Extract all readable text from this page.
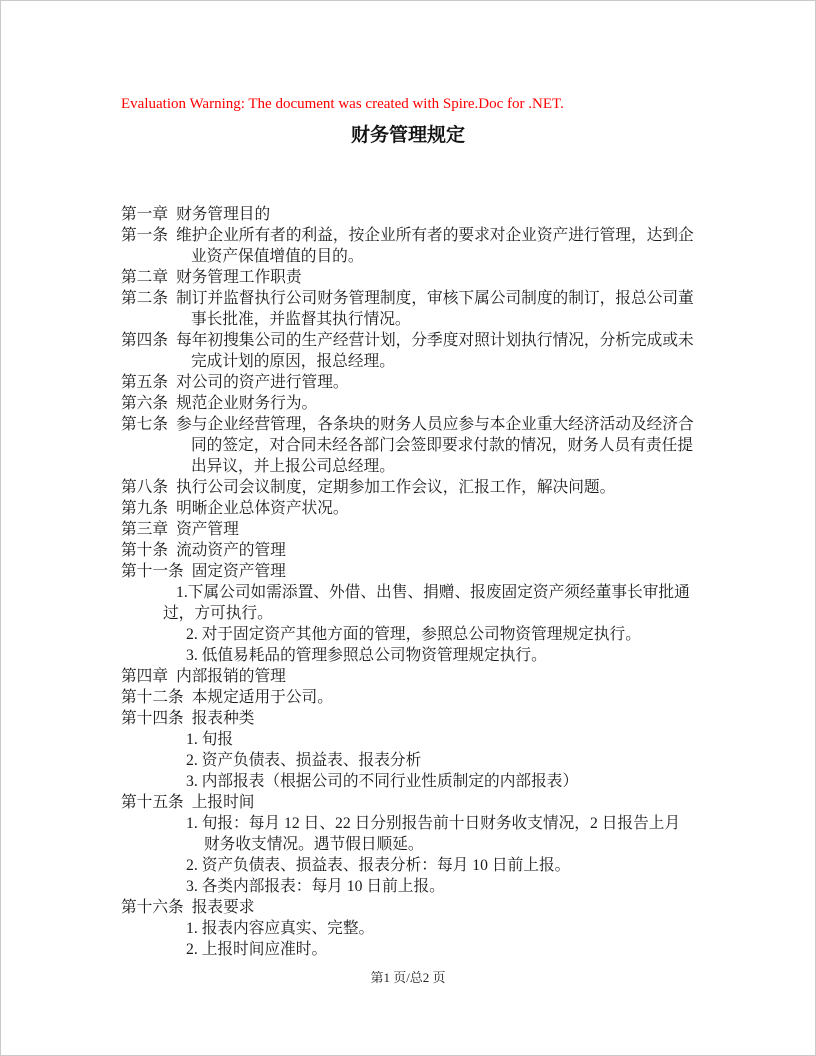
Evaluation Warning: The document was created with Spire.Doc for .NET.
财务管理规定
第一章 财务管理目的
第一条 维护企业所有者的利益，按企业所有者的要求对企业资产进行管理，达到企业资产保值增值的目的。
第二章 财务管理工作职责
第二条 制订并监督执行公司财务管理制度，审核下属公司制度的制订，报总公司董事长批准，并监督其执行情况。
第四条 每年初搜集公司的生产经营计划，分季度对照计划执行情况，分析完成或未完成计划的原因，报总经理。
第五条 对公司的资产进行管理。
第六条 规范企业财务行为。
第七条 参与企业经营管理，各条块的财务人员应参与本企业重大经济活动及经济合同的签定，对合同未经各部门会签即要求付款的情况，财务人员有责任提出异议，并上报公司总经理。
第八条 执行公司会议制度，定期参加工作会议，汇报工作，解决问题。
第九条 明晰企业总体资产状况。
第三章 资产管理
第十条 流动资产的管理
第十一条 固定资产管理
1.下属公司如需添置、外借、出售、捐赠、报废固定资产须经董事长审批通过，方可执行。
2. 对于固定资产其他方面的管理，参照总公司物资管理规定执行。
3. 低值易耗品的管理参照总公司物资管理规定执行。
第四章 内部报销的管理
第十二条 本规定适用于公司。
第十四条 报表种类
1. 旬报
2. 资产负债表、损益表、报表分析
3. 内部报表（根据公司的不同行业性质制定的内部报表）
第十五条 上报时间
1. 旬报：每月 12 日、22 日分别报告前十日财务收支情况，2 日报告上月财务收支情况。遇节假日顺延。
2. 资产负债表、损益表、报表分析：每月 10 日前上报。
3. 各类内部报表：每月 10 日前上报。
第十六条 报表要求
1. 报表内容应真实、完整。
2. 上报时间应准时。
第1 页/总2 页
